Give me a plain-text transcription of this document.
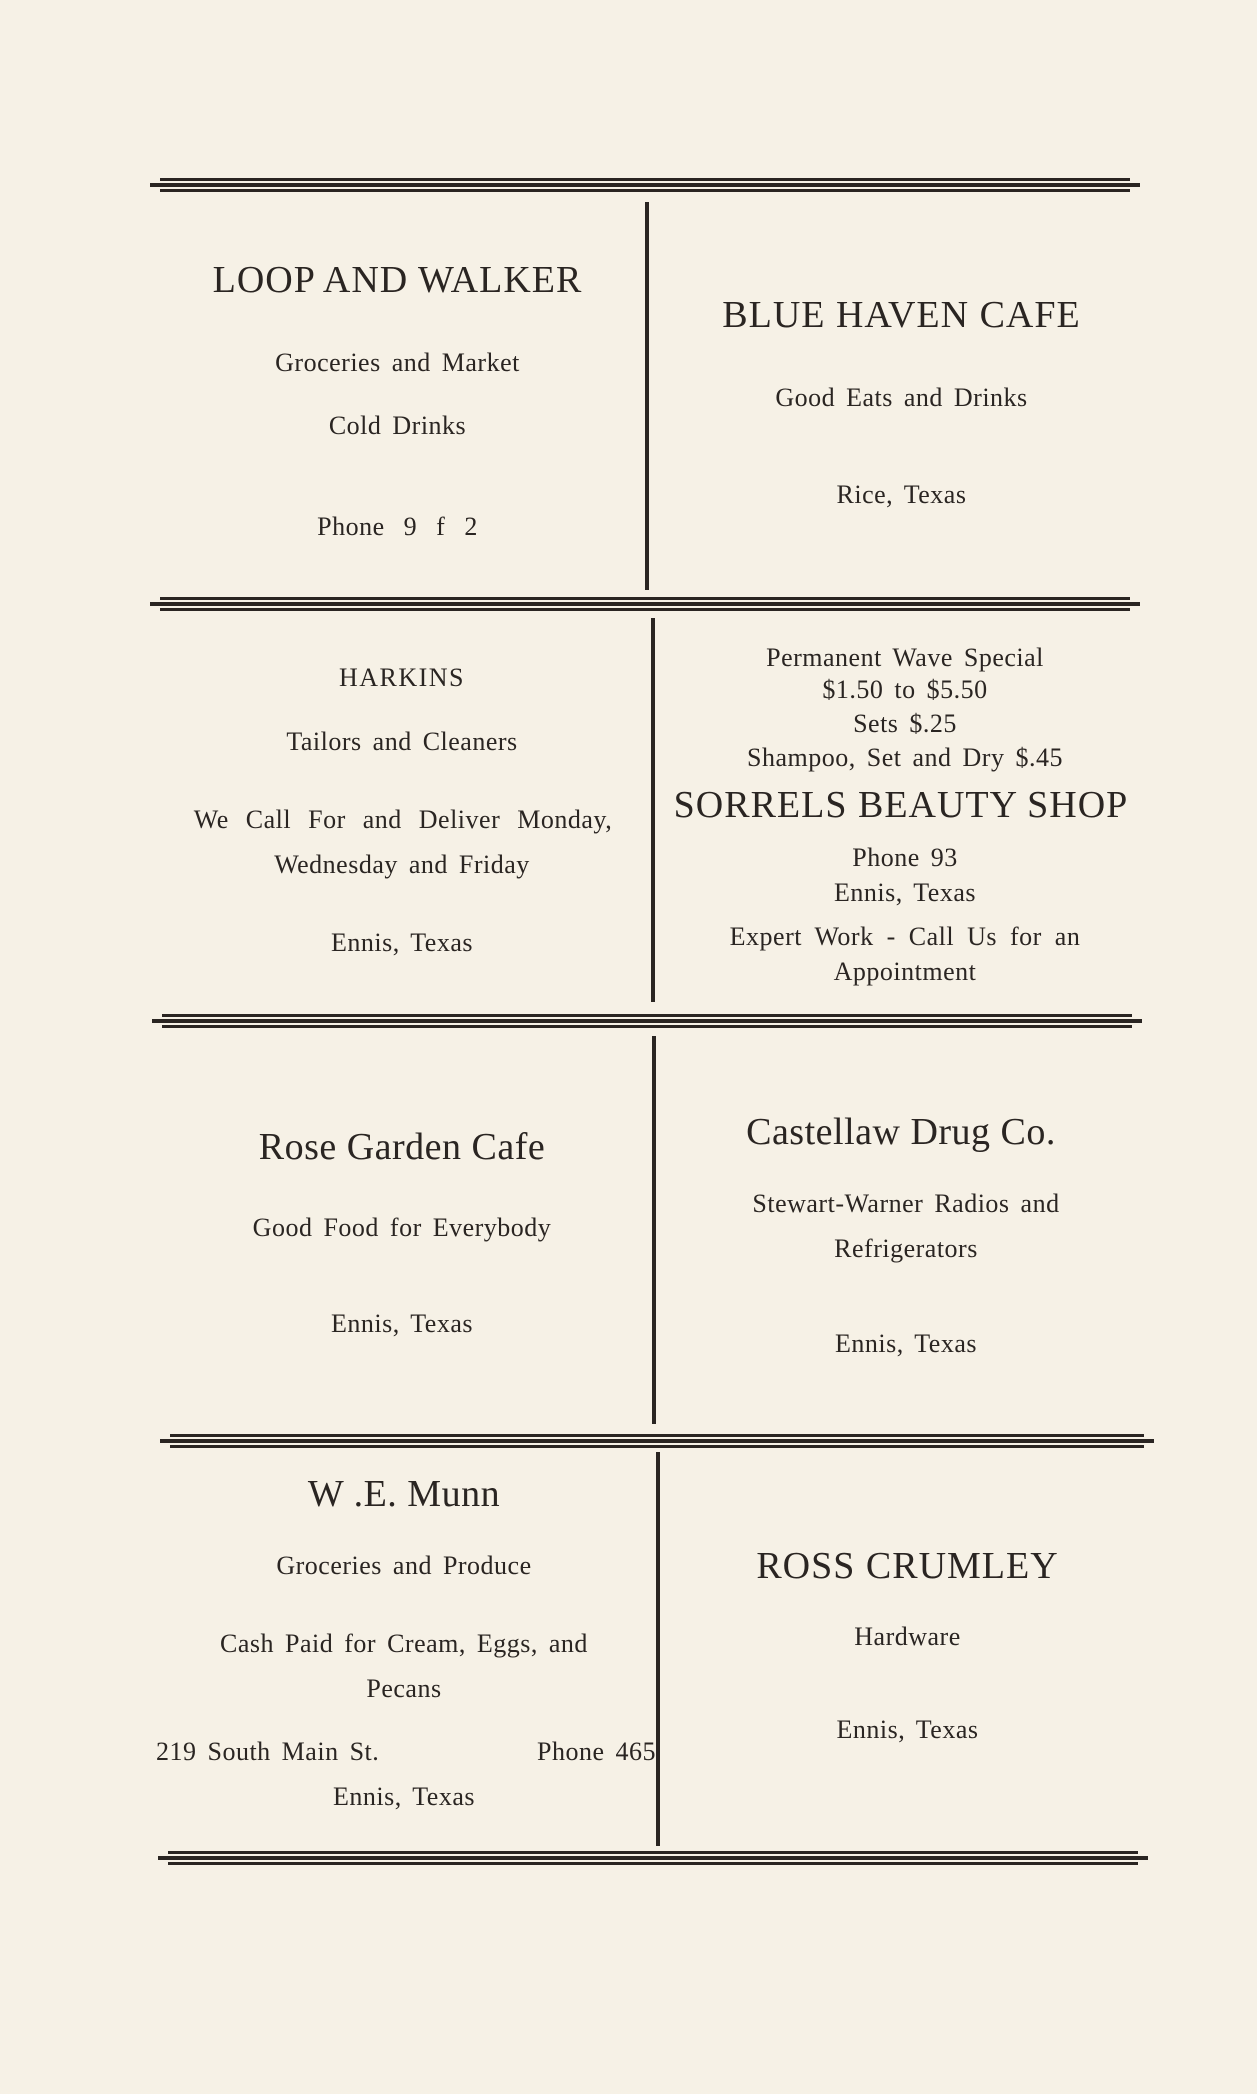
LOOP AND WALKER
Groceries and Market
Cold Drinks
Phone 9 f 2
BLUE HAVEN CAFE
Good Eats and Drinks
Rice, Texas
HARKINS
Tailors and Cleaners
We Call For and Deliver Monday,
Wednesday and Friday
Ennis, Texas
Permanent Wave Special
$1.50 to $5.50
Sets $.25
Shampoo, Set and Dry $.45
SORRELS BEAUTY SHOP
Phone 93
Ennis, Texas
Expert Work - Call Us for an
Appointment
Rose Garden Cafe
Good Food for Everybody
Ennis, Texas
Castellaw Drug Co.
Stewart-Warner Radios and
Refrigerators
Ennis, Texas
W .E. Munn
Groceries and Produce
Cash Paid for Cream, Eggs, and
Pecans
219 South Main St.	Phone 465
Ennis, Texas
ROSS CRUMLEY
Hardware
Ennis, Texas
